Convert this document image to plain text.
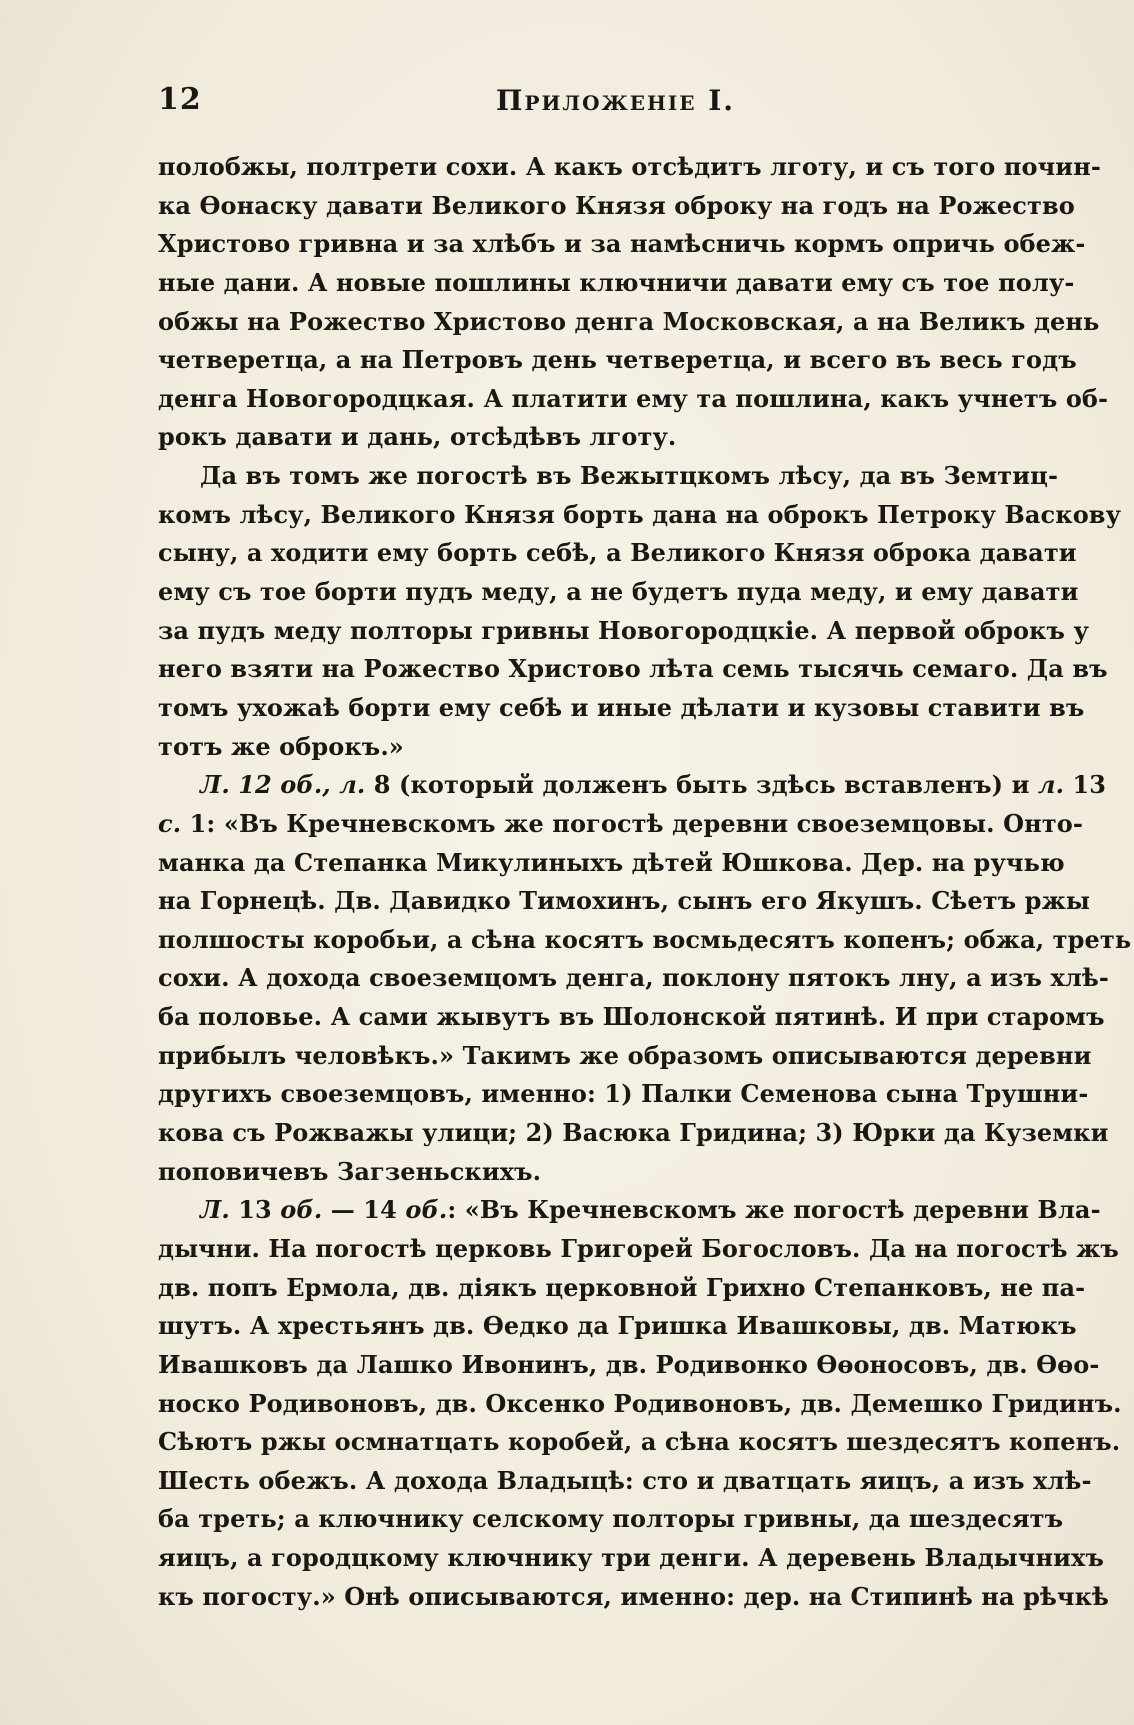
12	Приложеніе I.
полобжы, полтрети сохи. А какъ отсѣдитъ лготу, и съ того почин-
ка Өонаску давати Великого Князя оброку на годъ на Рожество
Христово гривна и за хлѣбъ и за намѣсничь кормъ опричь обеж-
ныe дани. А новые пошлины ключничи давати ему съ тое полу-
обжы на Рожество Христово денга Московская, а на Великъ день
четверетца, а на Петровъ день четверетца, и всего въ весь годъ
денга Новогородцкая. А платити ему та пошлина, какъ учнетъ об-
рокъ давати и дань, отсѣдѣвъ лготу.
Да въ томъ же погостѣ въ Вежытцкомъ лѣсу, да въ Земтиц-
комъ лѣсу, Великого Князя борть дана на оброкъ Петроку Васкову
сыну, а ходити ему борть себѣ, а Великого Князя оброка давати
ему съ тое борти пудъ меду, а не будетъ пуда меду, и ему давати
за пудъ меду полторы гривны Новогородцкіе. А первой оброкъ у
него взяти на Рожество Христово лѣта семь тысячь семаго. Да въ
томъ ухожаѣ борти ему себѣ и иные дѣлати и кузовы ставити въ
тотъ же оброкъ.»
Л. 12 об., л. 8 (который долженъ быть здѣсь вставленъ) и л. 13
с. 1: «Въ Кречневскомъ же погостѣ деревни своеземцовы. Онто-
манка да Степанка Микулиныхъ дѣтей Юшкова. Дер. на ручью
на Горнецѣ. Дв. Давидко Тимохинъ, сынъ его Якушъ. Сѣетъ ржы
полшосты коробьи, а сѣна косятъ восмьдесятъ копенъ; обжа, треть
сохи. А дохода своеземцомъ денга, поклону пятокъ лну, а изъ хлѣ-
ба половье. А сами жывутъ въ Шолонской пятинѣ. И при старомъ
прибылъ человѣкъ.» Такимъ же образомъ описываются деревни
другихъ своеземцовъ, именно: 1) Палки Семенова сына Трушни-
кова съ Рожважы улици; 2) Васюка Гридина; 3) Юрки да Куземки
поповичевъ Загзеньскихъ.
Л. 13 об. — 14 об.: «Въ Кречневскомъ же погостѣ деревни Вла-
дычни. На погостѣ церковь Григорей Богословъ. Да на погостѣ жъ
дв. попъ Ермола, дв. діякъ церковной Грихно Степанковъ, не па-
шутъ. А хрестьянъ дв. Өедко да Гришка Ивашковы, дв. Матюкъ
Ивашковъ да Лашко Ивонинъ, дв. Родивонко Өөоносовъ, дв. Өөо-
носко Родивоновъ, дв. Оксенко Родивоновъ, дв. Демешко Гридинъ.
Сѣютъ ржы осмнатцать коробей, а сѣна косятъ шездесятъ копенъ.
Шесть обежъ. А дохода Владыцѣ: сто и дватцать яицъ, а изъ хлѣ-
ба треть; а ключнику селскому полторы гривны, да шездесятъ
яицъ, а городцкому ключнику три денги. А деревень Владычнихъ
къ погосту.» Онѣ описываются, именно: дер. на Стипинѣ на рѣчкѣ
